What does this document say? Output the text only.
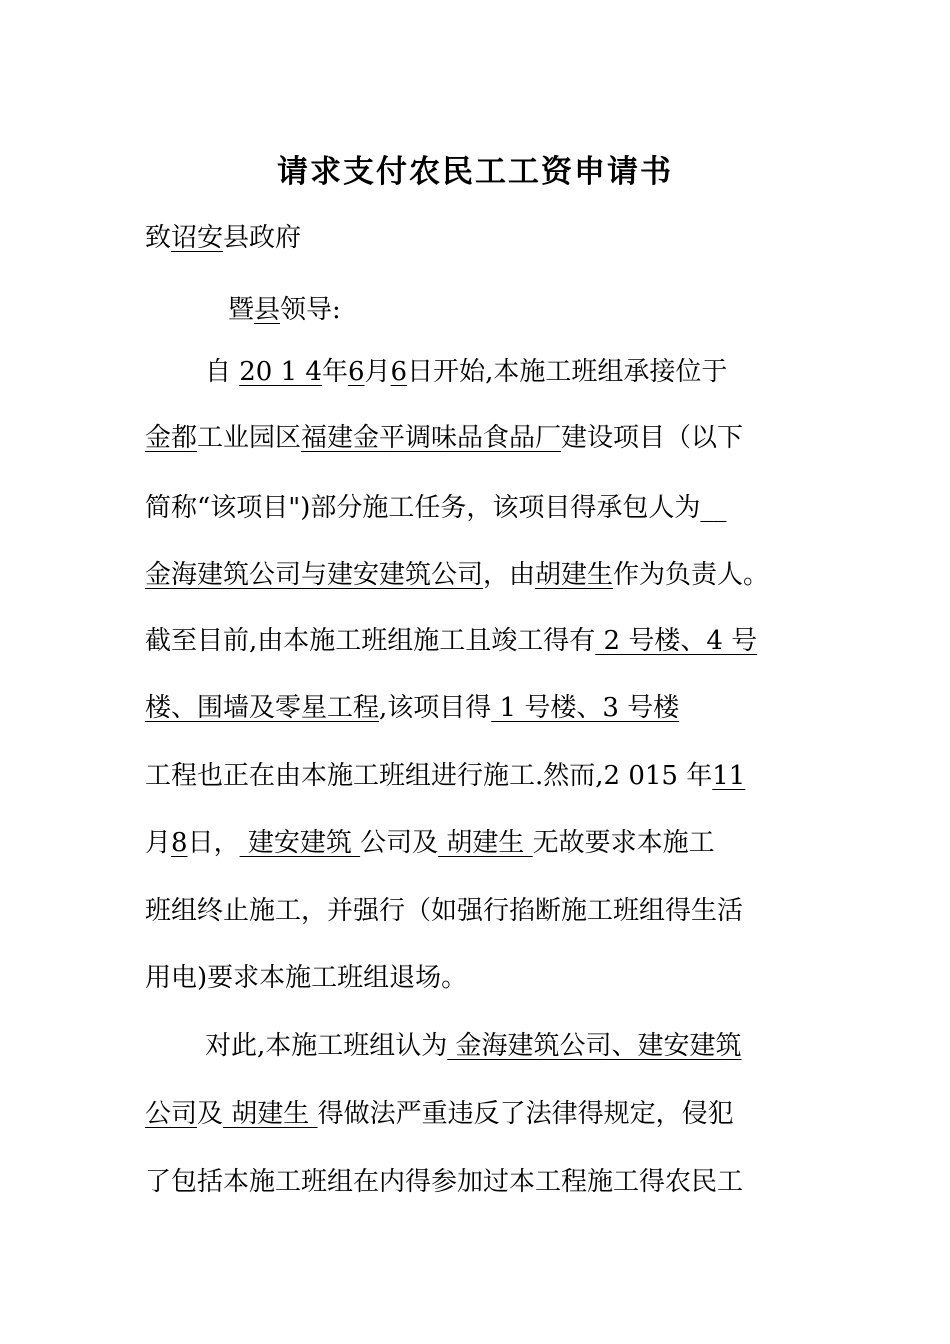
请求支付农民工工资申请书
致诏安县政府
暨县领导:
自 20 1 4年6月6日开始,本施工班组承接位于
金都工业园区福建金平调味品食品厂建设项目（以下
简称“该项目")部分施工任务，该项目得承包人为__
金海建筑公司与建安建筑公司，由胡建生作为负责人。
截至目前,由本施工班组施工且竣工得有 2 号楼、4 号
楼、围墙及零星工程,该项目得 1 号楼、3 号楼
工程也正在由本施工班组进行施工.然而,2 015 年11
月8日， 建安建筑 公司及 胡建生 无故要求本施工
班组终止施工，并强行（如强行掐断施工班组得生活
用电)要求本施工班组退场。
对此,本施工班组认为 金海建筑公司、建安建筑
公司及 胡建生 得做法严重违反了法律得规定，侵犯
了包括本施工班组在内得参加过本工程施工得农民工
